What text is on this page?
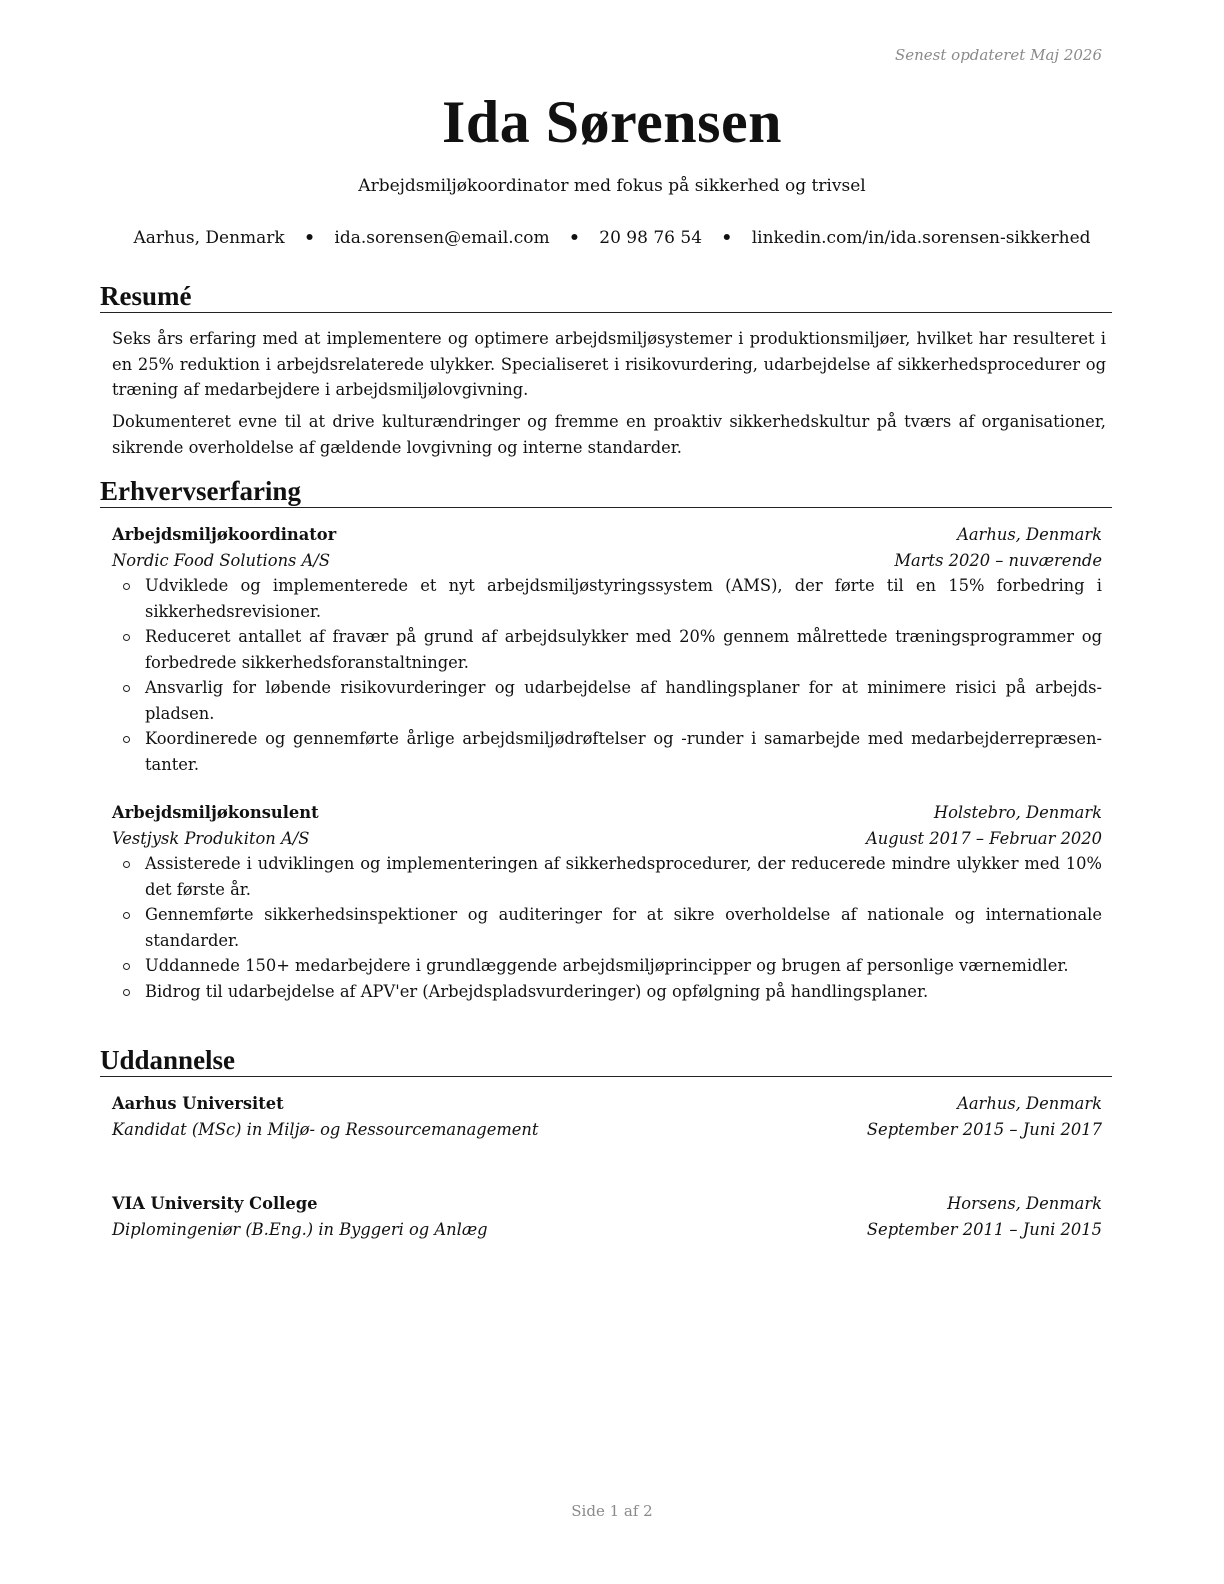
Senest opdateret Maj 2026
Ida Sørensen
Arbejdsmiljøkoordinator med fokus på sikkerhed og trivsel
Aarhus, Denmark • ida.sorensen@email.com • 20 98 76 54 • linkedin.com/in/ida.sorensen-sikkerhed
Resumé

Seks års erfaring med at implementere og optimere arbejdsmiljøsystemer i produktionsmiljøer, hvilket har resulteret i en 25% reduktion i arbejdsrelaterede ulykker. Specialiseret i risikovurdering, udarbejdelse af sikkerhedsprocedurer og træning af medarbejdere i arbejdsmiljølovgivning.

Dokumenteret evne til at drive kulturændringer og fremme en proaktiv sikkerhedskultur på tværs af organisationer, sikrende overholdelse af gældende lovgivning og interne standarder.

Erhvervserfaring
Arbejdsmiljøkoordinator	Aarhus, Denmark
Nordic Food Solutions A/S	Marts 2020 – nuværende
Udviklede og implementerede et nyt arbejdsmiljøstyringssystem (AMS), der førte til en 15% forbedring i sikkerhedsrevisioner.
Reduceret antallet af fravær på grund af arbejdsulykker med 20% gennem målrettede træningsprogrammer og forbedrede sikkerhedsforanstaltninger.
Ansvarlig for løbende risikovurderinger og udarbejdelse af handlingsplaner for at minimere risici på arbejdspladsen.
Koordinerede og gennemførte årlige arbejdsmiljødrøftelser og -runder i samarbejde med medarbejderrepræsentanter.
Arbejdsmiljøkonsulent	Holstebro, Denmark
Vestjysk Produkiton A/S	August 2017 – Februar 2020
Assisterede i udviklingen og implementeringen af sikkerhedsprocedurer, der reducerede mindre ulykker med 10% det første år.
Gennemførte sikkerhedsinspektioner og auditeringer for at sikre overholdelse af nationale og internationale standarder.
Uddannede 150+ medarbejdere i grundlæggende arbejdsmiljøprincipper og brugen af personlige værnemidler.
Bidrog til udarbejdelse af APV'er (Arbejdspladsvurderinger) og opfølgning på handlingsplaner.
Uddannelse
Aarhus Universitet	Aarhus, Denmark
Kandidat (MSc) in Miljø- og Ressourcemanagement	September 2015 – Juni 2017
VIA University College	Horsens, Denmark
Diplomingeniør (B.Eng.) in Byggeri og Anlæg	September 2011 – Juni 2015
Side 1 af 2
